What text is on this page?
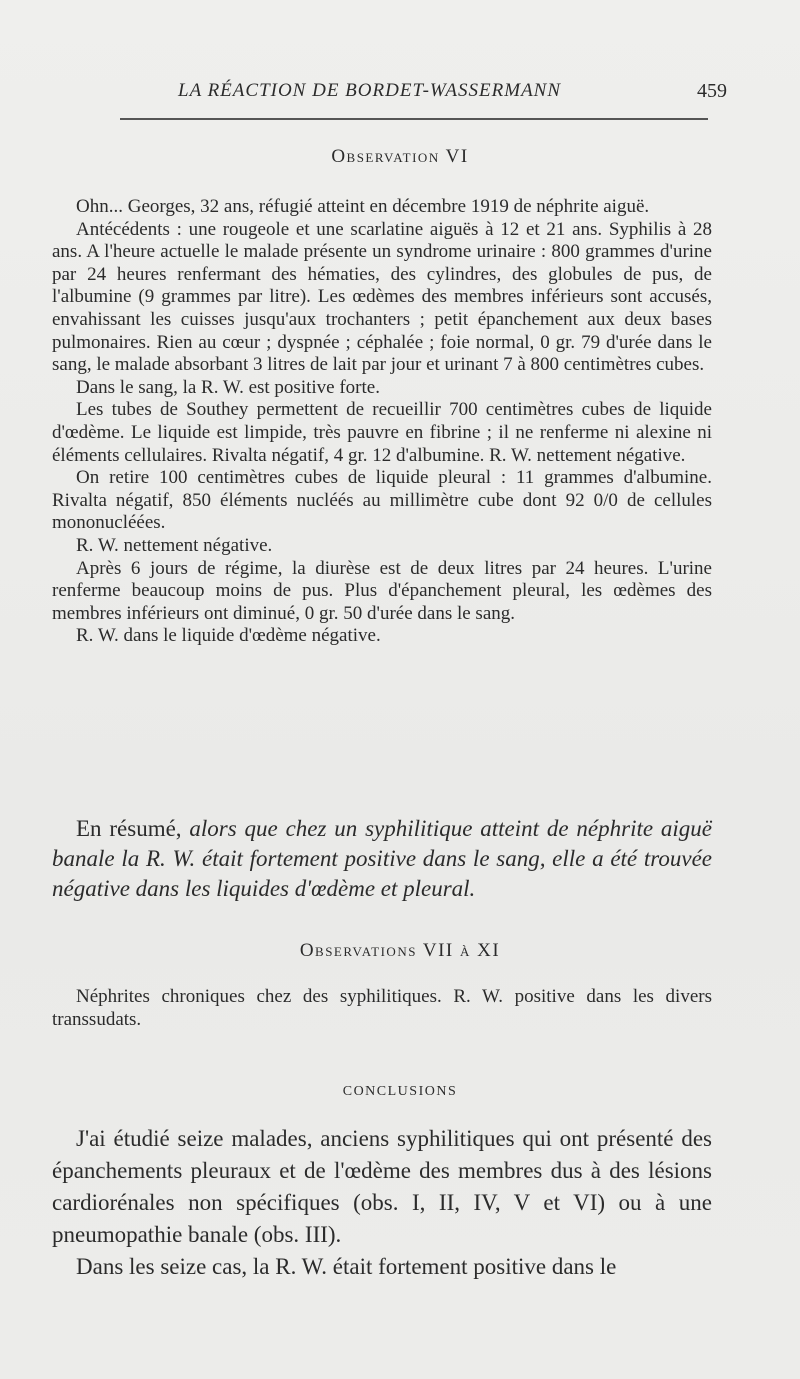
LA RÉACTION DE BORDET-WASSERMANN	459
Observation VI

Ohn... Georges, 32 ans, réfugié atteint en décembre 1919 de néphrite aiguë.

Antécédents : une rougeole et une scarlatine aiguës à 12 et 21 ans. Syphilis à 28 ans. A l'heure actuelle le malade présente un syndrome urinaire : 800 grammes d'urine par 24 heures renfermant des hématies, des cylindres, des globules de pus, de l'albumine (9 grammes par litre). Les œdèmes des membres inférieurs sont accusés, envahissant les cuisses jusqu'aux trochanters ; petit épanchement aux deux bases pulmonaires. Rien au cœur ; dyspnée ; céphalée ; foie normal, 0 gr. 79 d'urée dans le sang, le malade absorbant 3 litres de lait par jour et urinant 7 à 800 centimètres cubes.

Dans le sang, la R. W. est positive forte.

Les tubes de Southey permettent de recueillir 700 centimètres cubes de liquide d'œdème. Le liquide est limpide, très pauvre en fibrine ; il ne renferme ni alexine ni éléments cellulaires. Rivalta négatif, 4 gr. 12 d'albumine. R. W. nettement négative.

On retire 100 centimètres cubes de liquide pleural : 11 grammes d'albumine. Rivalta négatif, 850 éléments nucléés au millimètre cube dont 92 0/0 de cellules mononucléées.

R. W. nettement négative.

Après 6 jours de régime, la diurèse est de deux litres par 24 heures. L'urine renferme beaucoup moins de pus. Plus d'épanchement pleural, les œdèmes des membres inférieurs ont diminué, 0 gr. 50 d'urée dans le sang.

R. W. dans le liquide d'œdème négative.

En résumé, alors que chez un syphilitique atteint de néphrite aiguë banale la R. W. était fortement positive dans le sang, elle a été trouvée négative dans les liquides d'œdème et pleural.
Observations VII à XI

Néphrites chroniques chez des syphilitiques. R. W. positive dans les divers transsudats.

CONCLUSIONS

J'ai étudié seize malades, anciens syphilitiques qui ont présenté des épanchements pleuraux et de l'œdème des membres dus à des lésions cardiorénales non spécifiques (obs. I, II, IV, V et VI) ou à une pneumopathie banale (obs. III).

Dans les seize cas, la R. W. était fortement positive dans le
